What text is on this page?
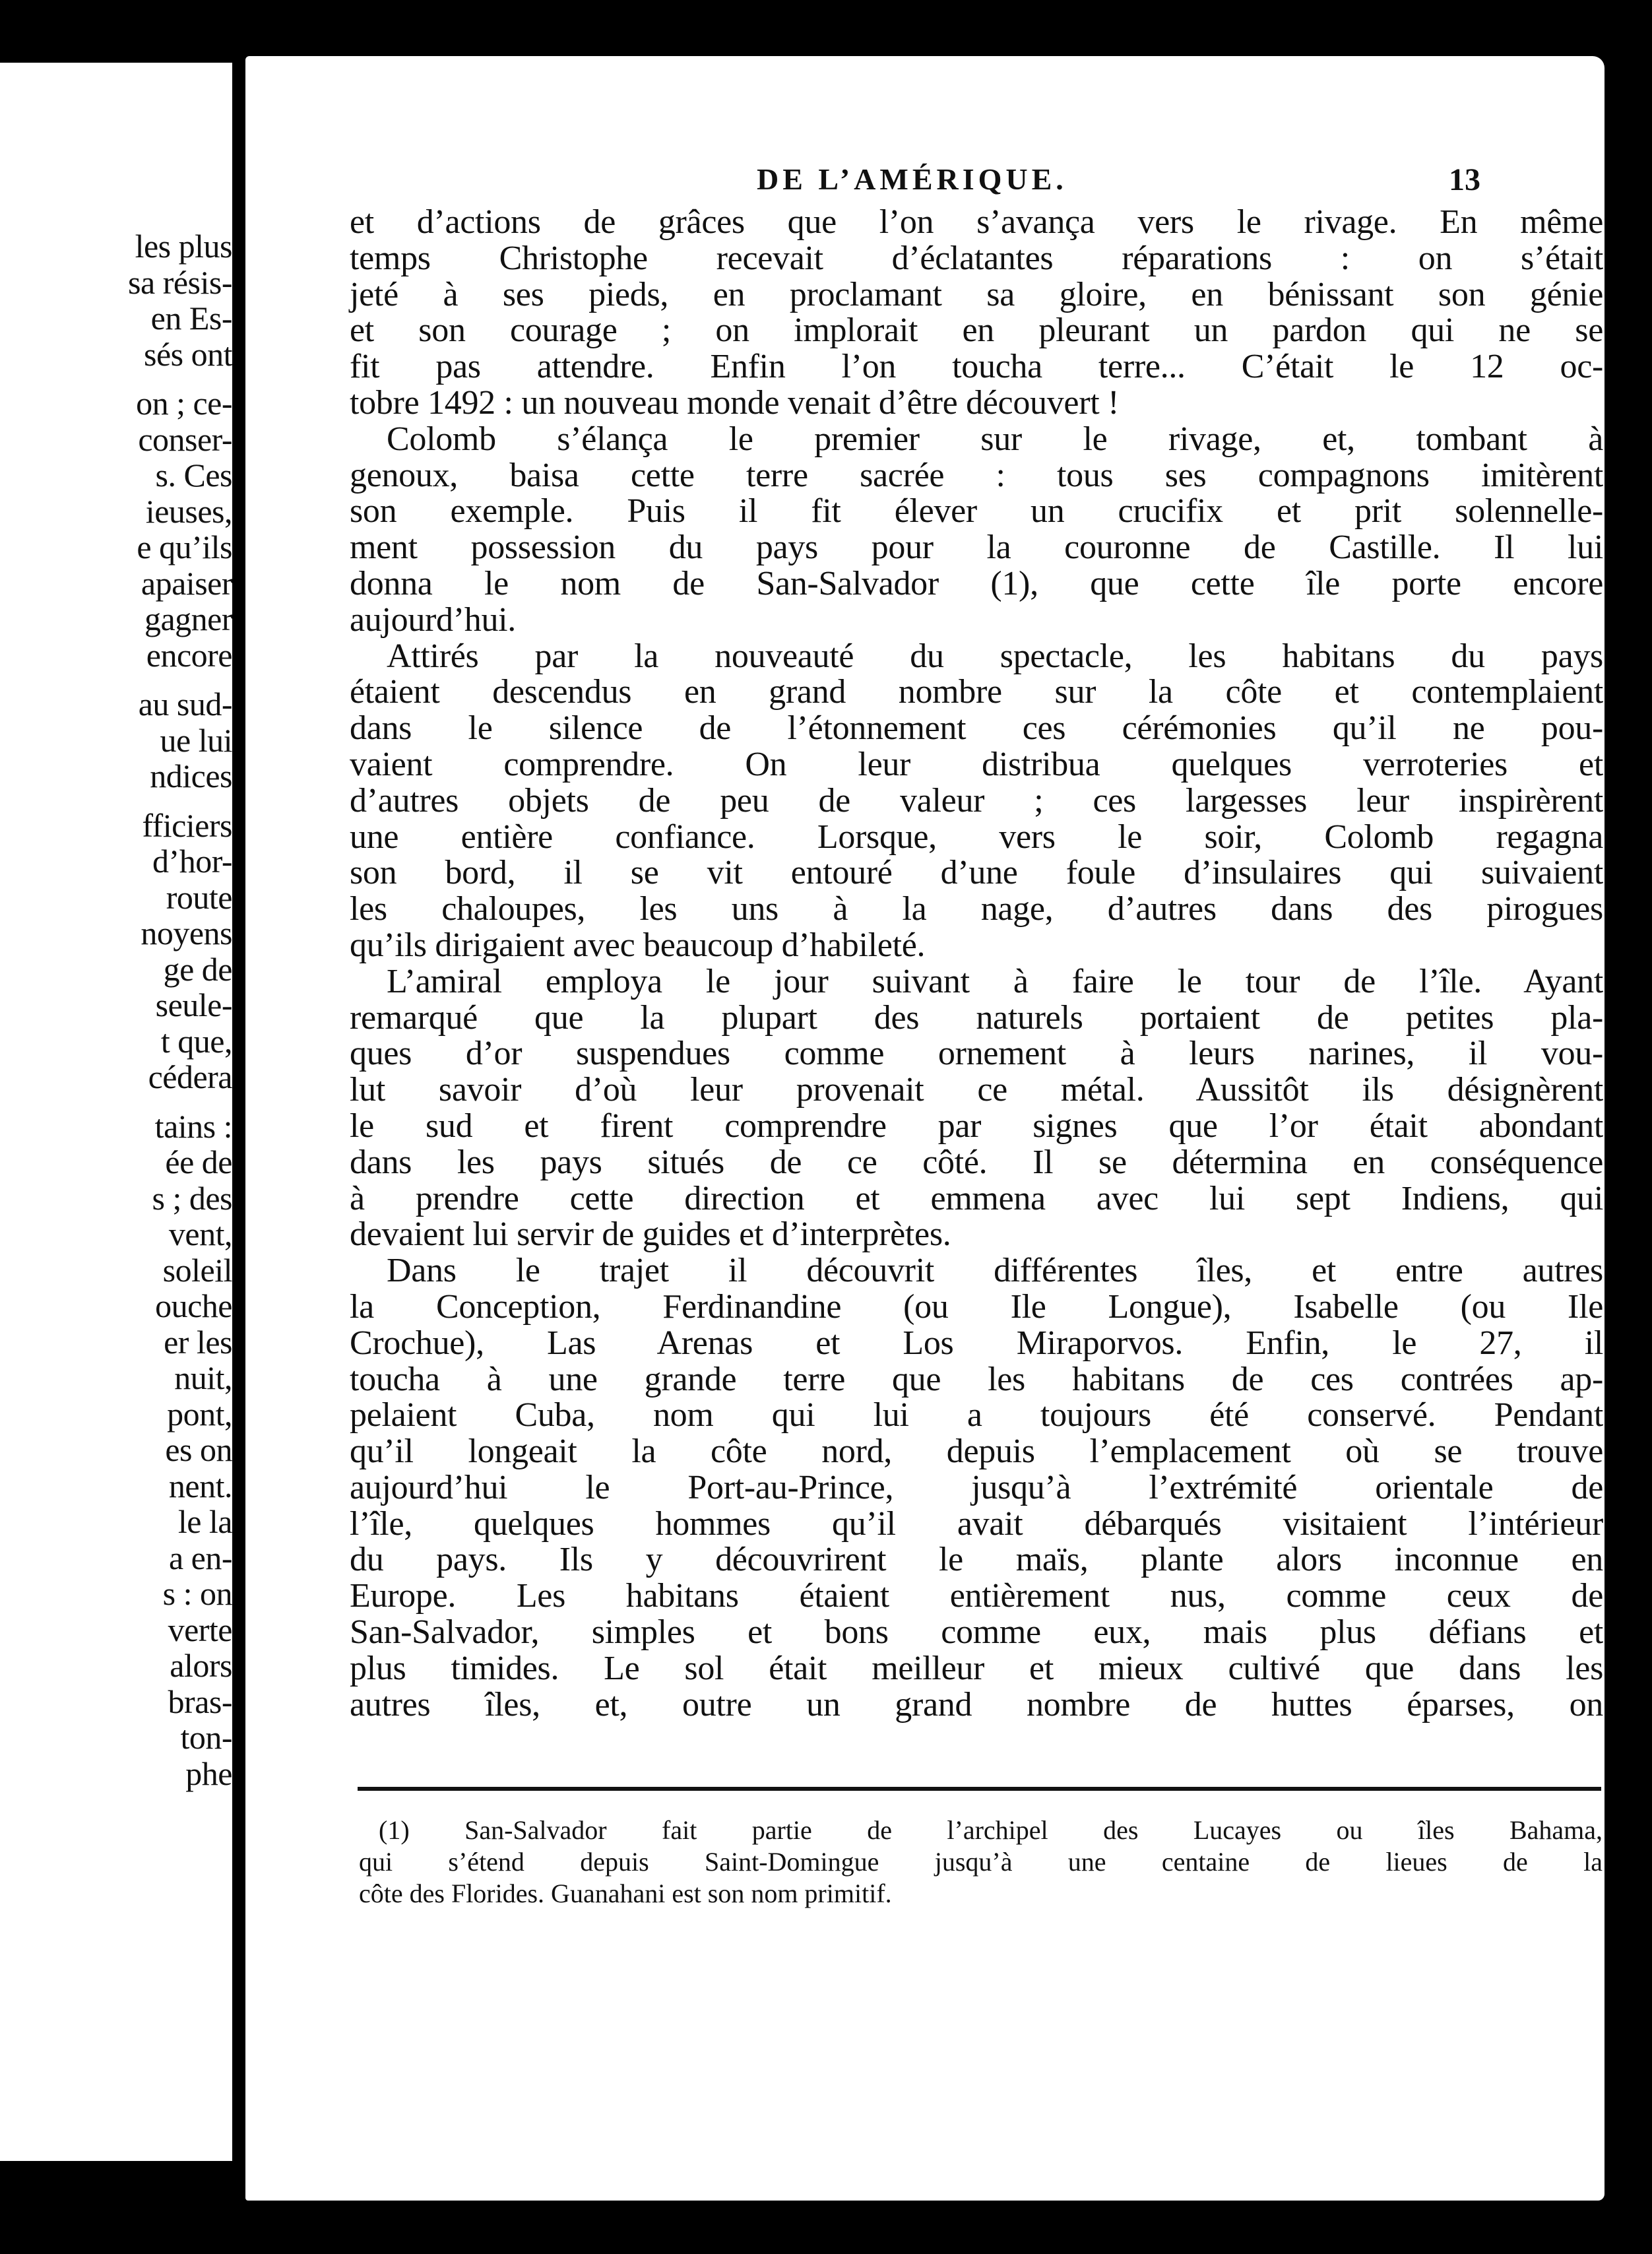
les plus
sa résis-
en Es-
sés ont
on ; ce-
conser-
s. Ces
ieuses,
e qu’ils
apaiser
gagner
encore
au sud-
ue lui
ndices
fficiers
d’hor-
route
noyens
ge de
seule-
t que,
cédera
tains :
ée de
s ; des
vent,
soleil
ouche
er les
nuit,
pont,
es on
nent.
le la
a en-
s : on
verte
alors
bras-
ton-
phe
DE L’AMÉRIQUE.	13
et d’actions de grâces que l’on s’avança vers le rivage. En même
temps Christophe recevait d’éclatantes réparations : on s’était
jeté à ses pieds, en proclamant sa gloire, en bénissant son génie
et son courage ; on implorait en pleurant un pardon qui ne se
fit pas attendre. Enfin l’on toucha terre... C’était le 12 oc-
tobre 1492 : un nouveau monde venait d’être découvert !
Colomb s’élança le premier sur le rivage, et, tombant à
genoux, baisa cette terre sacrée : tous ses compagnons imitèrent
son exemple. Puis il fit élever un crucifix et prit solennelle-
ment possession du pays pour la couronne de Castille. Il lui
donna le nom de San-Salvador (1), que cette île porte encore
aujourd’hui.
Attirés par la nouveauté du spectacle, les habitans du pays
étaient descendus en grand nombre sur la côte et contemplaient
dans le silence de l’étonnement ces cérémonies qu’il ne pou-
vaient comprendre. On leur distribua quelques verroteries et
d’autres objets de peu de valeur ; ces largesses leur inspirèrent
une entière confiance. Lorsque, vers le soir, Colomb regagna
son bord, il se vit entouré d’une foule d’insulaires qui suivaient
les chaloupes, les uns à la nage, d’autres dans des pirogues
qu’ils dirigaient avec beaucoup d’habileté.
L’amiral employa le jour suivant à faire le tour de l’île. Ayant
remarqué que la plupart des naturels portaient de petites pla-
ques d’or suspendues comme ornement à leurs narines, il vou-
lut savoir d’où leur provenait ce métal. Aussitôt ils désignèrent
le sud et firent comprendre par signes que l’or était abondant
dans les pays situés de ce côté. Il se détermina en conséquence
à prendre cette direction et emmena avec lui sept Indiens, qui
devaient lui servir de guides et d’interprètes.
Dans le trajet il découvrit différentes îles, et entre autres
la Conception, Ferdinandine (ou Ile Longue), Isabelle (ou Ile
Crochue), Las Arenas et Los Miraporvos. Enfin, le 27, il
toucha à une grande terre que les habitans de ces contrées ap-
pelaient Cuba, nom qui lui a toujours été conservé. Pendant
qu’il longeait la côte nord, depuis l’emplacement où se trouve
aujourd’hui le Port-au-Prince, jusqu’à l’extrémité orientale de
l’île, quelques hommes qu’il avait débarqués visitaient l’intérieur
du pays. Ils y découvrirent le maïs, plante alors inconnue en
Europe. Les habitans étaient entièrement nus, comme ceux de
San-Salvador, simples et bons comme eux, mais plus défians et
plus timides. Le sol était meilleur et mieux cultivé que dans les
autres îles, et, outre un grand nombre de huttes éparses, on
(1) San-Salvador fait partie de l’archipel des Lucayes ou îles Bahama,
qui s’étend depuis Saint-Domingue jusqu’à une centaine de lieues de la
côte des Florides. Guanahani est son nom primitif.
